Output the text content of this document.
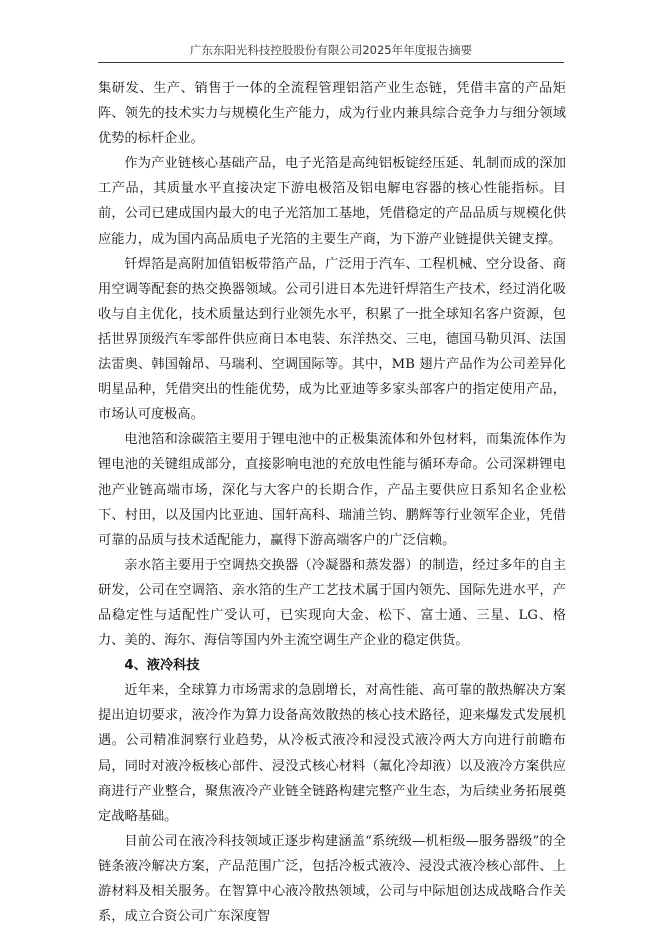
广东东阳光科技控股股份有限公司2025年年度报告摘要

集研发、生产、销售于一体的全流程管理铝箔产业生态链，凭借丰富的产品矩阵、领先的技术实力与规模化生产能力，成为行业内兼具综合竞争力与细分领域优势的标杆企业。

作为产业链核心基础产品，电子光箔是高纯铝板锭经压延、轧制而成的深加工产品，其质量水平直接决定下游电极箔及铝电解电容器的核心性能指标。目前，公司已建成国内最大的电子光箔加工基地，凭借稳定的产品品质与规模化供应能力，成为国内高品质电子光箔的主要生产商，为下游产业链提供关键支撑。

钎焊箔是高附加值铝板带箔产品，广泛用于汽车、工程机械、空分设备、商用空调等配套的热交换器领域。公司引进日本先进钎焊箔生产技术，经过消化吸收与自主优化，技术质量达到行业领先水平，积累了一批全球知名客户资源，包括世界顶级汽车零部件供应商日本电装、东洋热交、三电，德国马勒贝洱、法国法雷奥、韩国翰昂、马瑞利、空调国际等。其中，MB 翅片产品作为公司差异化明星品种，凭借突出的性能优势，成为比亚迪等多家头部客户的指定使用产品，市场认可度极高。

电池箔和涂碳箔主要用于锂电池中的正极集流体和外包材料，而集流体作为锂电池的关键组成部分，直接影响电池的充放电性能与循环寿命。公司深耕锂电池产业链高端市场，深化与大客户的长期合作，产品主要供应日系知名企业松下、村田，以及国内比亚迪、国轩高科、瑞浦兰钧、鹏辉等行业领军企业，凭借可靠的品质与技术适配能力，赢得下游高端客户的广泛信赖。

亲水箔主要用于空调热交换器（冷凝器和蒸发器）的制造，经过多年的自主研发，公司在空调箔、亲水箔的生产工艺技术属于国内领先、国际先进水平，产品稳定性与适配性广受认可，已实现向大金、松下、富士通、三星、LG、格力、美的、海尔、海信等国内外主流空调生产企业的稳定供货。

4、液冷科技

近年来，全球算力市场需求的急剧增长，对高性能、高可靠的散热解决方案提出迫切要求，液冷作为算力设备高效散热的核心技术路径，迎来爆发式发展机遇。公司精准洞察行业趋势，从冷板式液冷和浸没式液冷两大方向进行前瞻布局，同时对液冷板核心部件、浸没式核心材料（氟化冷却液）以及液冷方案供应商进行产业整合，聚焦液冷产业链全链路构建完整产业生态，为后续业务拓展奠定战略基础。

目前公司在液冷科技领域正逐步构建涵盖“系统级—机柜级—服务器级”的全链条液冷解决方案，产品范围广泛，包括冷板式液冷、浸没式液冷核心部件、上游材料及相关服务。在智算中心液冷散热领域，公司与中际旭创达成战略合作关系，成立合资公司广东深度智
